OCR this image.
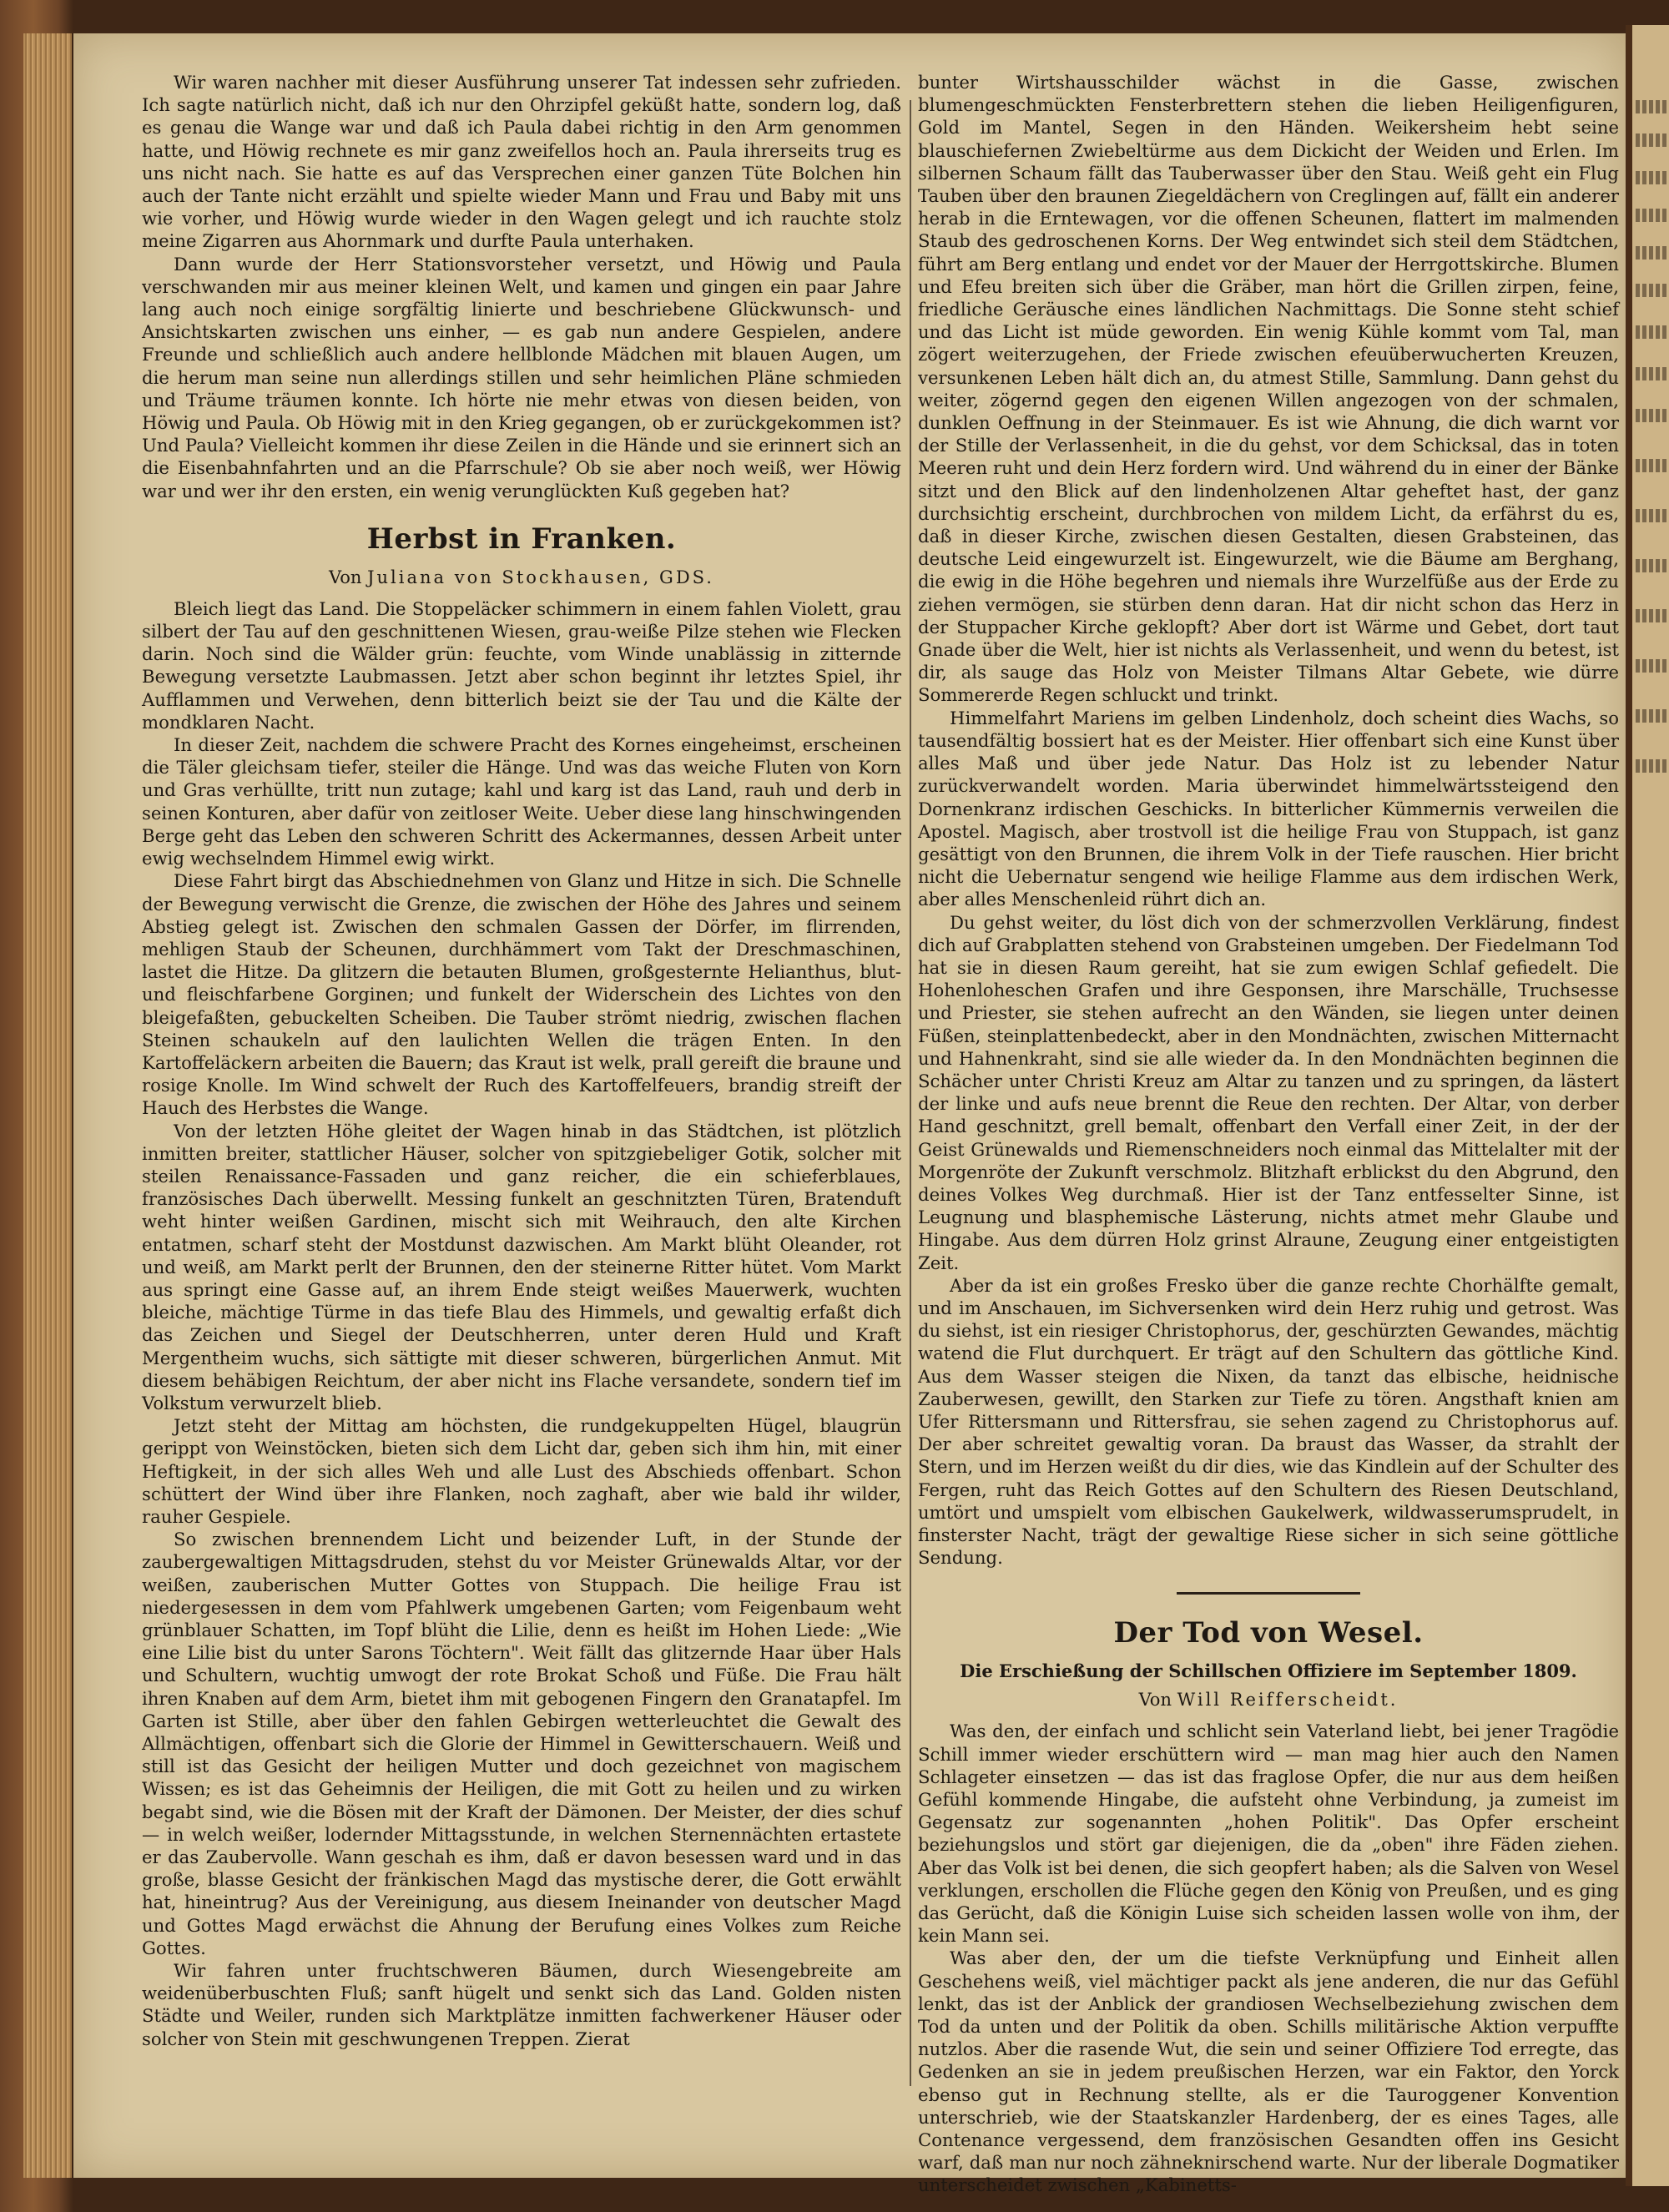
Wir waren nachher mit dieser Ausführung unserer Tat indessen sehr zufrieden. Ich sagte natürlich nicht, daß ich nur den Ohrzipfel geküßt hatte, sondern log, daß es genau die Wange war und daß ich Paula dabei richtig in den Arm genommen hatte, und Höwig rechnete es mir ganz zweifellos hoch an. Paula ihrerseits trug es uns nicht nach. Sie hatte es auf das Versprechen einer ganzen Tüte Bolchen hin auch der Tante nicht erzählt und spielte wieder Mann und Frau und Baby mit uns wie vorher, und Höwig wurde wieder in den Wagen gelegt und ich rauchte stolz meine Zigarren aus Ahornmark und durfte Paula unterhaken.

Dann wurde der Herr Stationsvorsteher versetzt, und Höwig und Paula verschwanden mir aus meiner kleinen Welt, und kamen und gingen ein paar Jahre lang auch noch einige sorgfältig linierte und beschriebene Glückwunsch- und Ansichtskarten zwischen uns einher, — es gab nun andere Gespielen, andere Freunde und schließlich auch andere hellblonde Mädchen mit blauen Augen, um die herum man seine nun allerdings stillen und sehr heimlichen Pläne schmieden und Träume träumen konnte. Ich hörte nie mehr etwas von diesen beiden, von Höwig und Paula. Ob Höwig mit in den Krieg gegangen, ob er zurückgekommen ist? Und Paula? Vielleicht kommen ihr diese Zeilen in die Hände und sie erinnert sich an die Eisenbahnfahrten und an die Pfarrschule? Ob sie aber noch weiß, wer Höwig war und wer ihr den ersten, ein wenig verunglückten Kuß gegeben hat?

Herbst in Franken.
Von Juliana von Stockhausen, GDS.

Bleich liegt das Land. Die Stoppeläcker schimmern in einem fahlen Violett, grau silbert der Tau auf den geschnittenen Wiesen, grau-weiße Pilze stehen wie Flecken darin. Noch sind die Wälder grün: feuchte, vom Winde unablässig in zitternde Bewegung versetzte Laubmassen. Jetzt aber schon beginnt ihr letztes Spiel, ihr Aufflammen und Verwehen, denn bitterlich beizt sie der Tau und die Kälte der mondklaren Nacht.

In dieser Zeit, nachdem die schwere Pracht des Kornes eingeheimst, erscheinen die Täler gleichsam tiefer, steiler die Hänge. Und was das weiche Fluten von Korn und Gras verhüllte, tritt nun zutage; kahl und karg ist das Land, rauh und derb in seinen Konturen, aber dafür von zeitloser Weite. Ueber diese lang hinschwingenden Berge geht das Leben den schweren Schritt des Ackermannes, dessen Arbeit unter ewig wechselndem Himmel ewig wirkt.

Diese Fahrt birgt das Abschiednehmen von Glanz und Hitze in sich. Die Schnelle der Bewegung verwischt die Grenze, die zwischen der Höhe des Jahres und seinem Abstieg gelegt ist. Zwischen den schmalen Gassen der Dörfer, im flirrenden, mehligen Staub der Scheunen, durchhämmert vom Takt der Dreschmaschinen, lastet die Hitze. Da glitzern die betauten Blumen, großgesternte Helianthus, blut- und fleischfarbene Gorginen; und funkelt der Widerschein des Lichtes von den bleigefaßten, gebuckelten Scheiben. Die Tauber strömt niedrig, zwischen flachen Steinen schaukeln auf den laulichten Wellen die trägen Enten. In den Kartoffeläckern arbeiten die Bauern; das Kraut ist welk, prall gereift die braune und rosige Knolle. Im Wind schwelt der Ruch des Kartoffelfeuers, brandig streift der Hauch des Herbstes die Wange.

Von der letzten Höhe gleitet der Wagen hinab in das Städtchen, ist plötzlich inmitten breiter, stattlicher Häuser, solcher von spitzgiebeliger Gotik, solcher mit steilen Renaissance-Fassaden und ganz reicher, die ein schieferblaues, französisches Dach überwellt. Messing funkelt an geschnitzten Türen, Bratenduft weht hinter weißen Gardinen, mischt sich mit Weihrauch, den alte Kirchen entatmen, scharf steht der Mostdunst dazwischen. Am Markt blüht Oleander, rot und weiß, am Markt perlt der Brunnen, den der steinerne Ritter hütet. Vom Markt aus springt eine Gasse auf, an ihrem Ende steigt weißes Mauerwerk, wuchten bleiche, mächtige Türme in das tiefe Blau des Himmels, und gewaltig erfaßt dich das Zeichen und Siegel der Deutschherren, unter deren Huld und Kraft Mergentheim wuchs, sich sättigte mit dieser schweren, bürgerlichen Anmut. Mit diesem behäbigen Reichtum, der aber nicht ins Flache versandete, sondern tief im Volkstum verwurzelt blieb.

Jetzt steht der Mittag am höchsten, die rundgekuppelten Hügel, blaugrün gerippt von Weinstöcken, bieten sich dem Licht dar, geben sich ihm hin, mit einer Heftigkeit, in der sich alles Weh und alle Lust des Abschieds offenbart. Schon schüttert der Wind über ihre Flanken, noch zaghaft, aber wie bald ihr wilder, rauher Gespiele.

So zwischen brennendem Licht und beizender Luft, in der Stunde der zaubergewaltigen Mittagsdruden, stehst du vor Meister Grünewalds Altar, vor der weißen, zauberischen Mutter Gottes von Stuppach. Die heilige Frau ist niedergesessen in dem vom Pfahlwerk umgebenen Garten; vom Feigenbaum weht grünblauer Schatten, im Topf blüht die Lilie, denn es heißt im Hohen Liede: „Wie eine Lilie bist du unter Sarons Töchtern". Weit fällt das glitzernde Haar über Hals und Schultern, wuchtig umwogt der rote Brokat Schoß und Füße. Die Frau hält ihren Knaben auf dem Arm, bietet ihm mit gebogenen Fingern den Granatapfel. Im Garten ist Stille, aber über den fahlen Gebirgen wetterleuchtet die Gewalt des Allmächtigen, offenbart sich die Glorie der Himmel in Gewitterschauern. Weiß und still ist das Gesicht der heiligen Mutter und doch gezeichnet von magischem Wissen; es ist das Geheimnis der Heiligen, die mit Gott zu heilen und zu wirken begabt sind, wie die Bösen mit der Kraft der Dämonen. Der Meister, der dies schuf — in welch weißer, lodernder Mittagsstunde, in welchen Sternennächten ertastete er das Zaubervolle. Wann geschah es ihm, daß er davon besessen ward und in das große, blasse Gesicht der fränkischen Magd das mystische derer, die Gott erwählt hat, hineintrug? Aus der Vereinigung, aus diesem Ineinander von deutscher Magd und Gottes Magd erwächst die Ahnung der Berufung eines Volkes zum Reiche Gottes.

Wir fahren unter fruchtschweren Bäumen, durch Wiesengebreite am weidenüberbuschten Fluß; sanft hügelt und senkt sich das Land. Golden nisten Städte und Weiler, runden sich Marktplätze inmitten fachwerkener Häuser oder solcher von Stein mit geschwungenen Treppen. Zierat

bunter Wirtshausschilder wächst in die Gasse, zwischen blumengeschmückten Fensterbrettern stehen die lieben Heiligenfiguren, Gold im Mantel, Segen in den Händen. Weikersheim hebt seine blauschiefernen Zwiebeltürme aus dem Dickicht der Weiden und Erlen. Im silbernen Schaum fällt das Tauberwasser über den Stau. Weiß geht ein Flug Tauben über den braunen Ziegeldächern von Creglingen auf, fällt ein anderer herab in die Erntewagen, vor die offenen Scheunen, flattert im malmenden Staub des gedroschenen Korns. Der Weg entwindet sich steil dem Städtchen, führt am Berg entlang und endet vor der Mauer der Herrgottskirche. Blumen und Efeu breiten sich über die Gräber, man hört die Grillen zirpen, feine, friedliche Geräusche eines ländlichen Nachmittags. Die Sonne steht schief und das Licht ist müde geworden. Ein wenig Kühle kommt vom Tal, man zögert weiterzugehen, der Friede zwischen efeuüberwucherten Kreuzen, versunkenen Leben hält dich an, du atmest Stille, Sammlung. Dann gehst du weiter, zögernd gegen den eigenen Willen angezogen von der schmalen, dunklen Oeffnung in der Steinmauer. Es ist wie Ahnung, die dich warnt vor der Stille der Verlassenheit, in die du gehst, vor dem Schicksal, das in toten Meeren ruht und dein Herz fordern wird. Und während du in einer der Bänke sitzt und den Blick auf den lindenholzenen Altar geheftet hast, der ganz durchsichtig erscheint, durchbrochen von mildem Licht, da erfährst du es, daß in dieser Kirche, zwischen diesen Gestalten, diesen Grabsteinen, das deutsche Leid eingewurzelt ist. Eingewurzelt, wie die Bäume am Berghang, die ewig in die Höhe begehren und niemals ihre Wurzelfüße aus der Erde zu ziehen vermögen, sie stürben denn daran. Hat dir nicht schon das Herz in der Stuppacher Kirche geklopft? Aber dort ist Wärme und Gebet, dort taut Gnade über die Welt, hier ist nichts als Verlassenheit, und wenn du betest, ist dir, als sauge das Holz von Meister Tilmans Altar Gebete, wie dürre Sommererde Regen schluckt und trinkt.

Himmelfahrt Mariens im gelben Lindenholz, doch scheint dies Wachs, so tausendfältig bossiert hat es der Meister. Hier offenbart sich eine Kunst über alles Maß und über jede Natur. Das Holz ist zu lebender Natur zurückverwandelt worden. Maria überwindet himmelwärtssteigend den Dornenkranz irdischen Geschicks. In bitterlicher Kümmernis verweilen die Apostel. Magisch, aber trostvoll ist die heilige Frau von Stuppach, ist ganz gesättigt von den Brunnen, die ihrem Volk in der Tiefe rauschen. Hier bricht nicht die Uebernatur sengend wie heilige Flamme aus dem irdischen Werk, aber alles Menschenleid rührt dich an.

Du gehst weiter, du löst dich von der schmerzvollen Verklärung, findest dich auf Grabplatten stehend von Grabsteinen umgeben. Der Fiedelmann Tod hat sie in diesen Raum gereiht, hat sie zum ewigen Schlaf gefiedelt. Die Hohenloheschen Grafen und ihre Gesponsen, ihre Marschälle, Truchsesse und Priester, sie stehen aufrecht an den Wänden, sie liegen unter deinen Füßen, steinplattenbedeckt, aber in den Mondnächten, zwischen Mitternacht und Hahnenkraht, sind sie alle wieder da. In den Mondnächten beginnen die Schächer unter Christi Kreuz am Altar zu tanzen und zu springen, da lästert der linke und aufs neue brennt die Reue den rechten. Der Altar, von derber Hand geschnitzt, grell bemalt, offenbart den Verfall einer Zeit, in der der Geist Grünewalds und Riemenschneiders noch einmal das Mittelalter mit der Morgenröte der Zukunft verschmolz. Blitzhaft erblickst du den Abgrund, den deines Volkes Weg durchmaß. Hier ist der Tanz entfesselter Sinne, ist Leugnung und blasphemische Lästerung, nichts atmet mehr Glaube und Hingabe. Aus dem dürren Holz grinst Alraune, Zeugung einer entgeistigten Zeit.

Aber da ist ein großes Fresko über die ganze rechte Chorhälfte gemalt, und im Anschauen, im Sichversenken wird dein Herz ruhig und getrost. Was du siehst, ist ein riesiger Christophorus, der, geschürzten Gewandes, mächtig watend die Flut durchquert. Er trägt auf den Schultern das göttliche Kind. Aus dem Wasser steigen die Nixen, da tanzt das elbische, heidnische Zauberwesen, gewillt, den Starken zur Tiefe zu tören. Angsthaft knien am Ufer Rittersmann und Rittersfrau, sie sehen zagend zu Christophorus auf. Der aber schreitet gewaltig voran. Da braust das Wasser, da strahlt der Stern, und im Herzen weißt du dir dies, wie das Kindlein auf der Schulter des Fergen, ruht das Reich Gottes auf den Schultern des Riesen Deutschland, umtört und umspielt vom elbischen Gaukelwerk, wildwasserumsprudelt, in finsterster Nacht, trägt der gewaltige Riese sicher in sich seine göttliche Sendung.

Der Tod von Wesel.
Die Erschießung der Schillschen Offiziere im September 1809.
Von Will Reifferscheidt.

Was den, der einfach und schlicht sein Vaterland liebt, bei jener Tragödie Schill immer wieder erschüttern wird — man mag hier auch den Namen Schlageter einsetzen — das ist das fraglose Opfer, die nur aus dem heißen Gefühl kommende Hingabe, die aufsteht ohne Verbindung, ja zumeist im Gegensatz zur sogenannten „hohen Politik". Das Opfer erscheint beziehungslos und stört gar diejenigen, die da „oben" ihre Fäden ziehen. Aber das Volk ist bei denen, die sich geopfert haben; als die Salven von Wesel verklungen, erschollen die Flüche gegen den König von Preußen, und es ging das Gerücht, daß die Königin Luise sich scheiden lassen wolle von ihm, der kein Mann sei.

Was aber den, der um die tiefste Verknüpfung und Einheit allen Geschehens weiß, viel mächtiger packt als jene anderen, die nur das Gefühl lenkt, das ist der Anblick der grandiosen Wechselbeziehung zwischen dem Tod da unten und der Politik da oben. Schills militärische Aktion verpuffte nutzlos. Aber die rasende Wut, die sein und seiner Offiziere Tod erregte, das Gedenken an sie in jedem preußischen Herzen, war ein Faktor, den Yorck ebenso gut in Rechnung stellte, als er die Tauroggener Konvention unterschrieb, wie der Staatskanzler Hardenberg, der es eines Tages, alle Contenance vergessend, dem französischen Gesandten offen ins Gesicht warf, daß man nur noch zähneknirschend warte. Nur der liberale Dogmatiker unterscheidet zwischen „Kabinetts-
